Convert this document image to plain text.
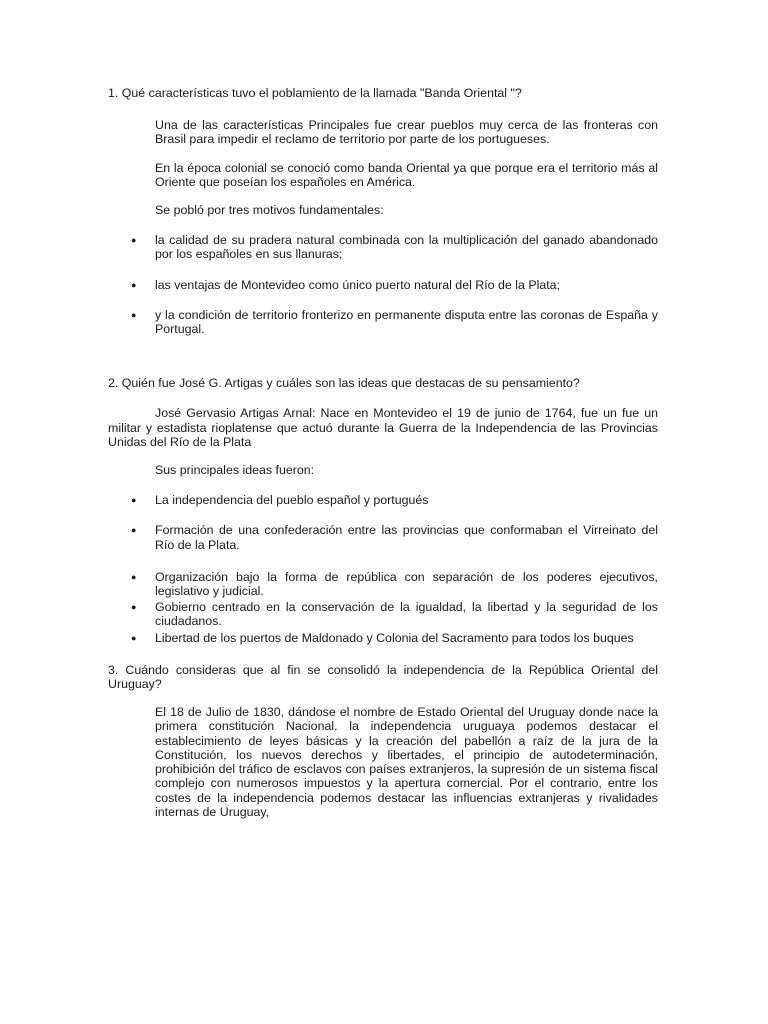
1. Qué características tuvo el poblamiento de la llamada "Banda Oriental "?

Una de las características Principales fue crear pueblos muy cerca de las fronteras con Brasil para impedir el reclamo de territorio por parte de los portugueses.

En la época colonial se conoció como banda Oriental ya que porque era el territorio más al Oriente que poseían los españoles en América.

Se pobló por tres motivos fundamentales:

● la calidad de su pradera natural combinada con la multiplicación del ganado abandonado por los españoles en sus llanuras;
● las ventajas de Montevideo como único puerto natural del Río de la Plata;
● y la condición de territorio fronterizo en permanente disputa entre las coronas de España y Portugal.

2. Quién fue José G. Artigas y cuáles son las ideas que destacas de su pensamiento?

José Gervasio Artigas Arnal: Nace en Montevideo el 19 de junio de 1764, fue un fue un militar y estadista rioplatense que actuó durante la Guerra de la Independencia de las Provincias Unidas del Río de la Plata

Sus principales ideas fueron:

● La independencia del pueblo español y portugués
● Formación de una confederación entre las provincias que conformaban el Virreinato del Río de la Plata.
● Organización bajo la forma de república con separación de los poderes ejecutivos, legislativo y judicial.
● Gobierno centrado en la conservación de la igualdad, la libertad y la seguridad de los ciudadanos.
● Libertad de los puertos de Maldonado y Colonia del Sacramento para todos los buques

3. Cuándo consideras que al fin se consolidó la independencia de la República Oriental del Uruguay?

El 18 de Julio de 1830, dándose el nombre de Estado Oriental del Uruguay donde nace la primera constitución Nacional. la independencia uruguaya podemos destacar el establecimiento de leyes básicas y la creación del pabellón a raíz de la jura de la Constitución, los nuevos derechos y libertades, el principio de autodeterminación, prohibición del tráfico de esclavos con países extranjeros, la supresión de un sistema fiscal complejo con numerosos impuestos y la apertura comercial. Por el contrario, entre los costes de la independencia podemos destacar las influencias extranjeras y rivalidades internas de Uruguay,
